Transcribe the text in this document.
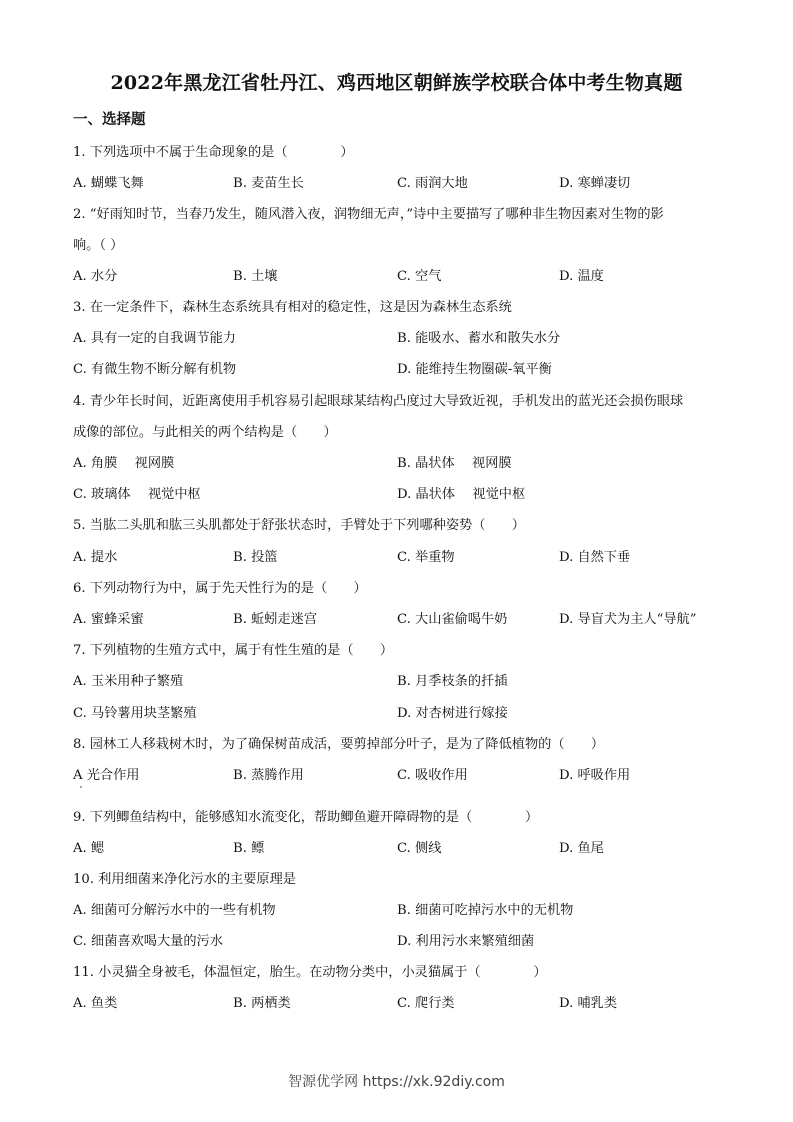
2022年黑龙江省牡丹江、鸡西地区朝鲜族学校联合体中考生物真题
一、选择题
1. 下列选项中不属于生命现象的是（　　　　）
A. 蝴蝶飞舞	B. 麦苗生长	C. 雨润大地	D. 寒蝉凄切
2. “好雨知时节，当春乃发生，随风潜入夜，润物细无声，”诗中主要描写了哪种非生物因素对生物的影
响。（ ）
A. 水分	B. 土壤	C. 空气	D. 温度
3. 在一定条件下，森林生态系统具有相对的稳定性，这是因为森林生态系统
A. 具有一定的自我调节能力	B. 能吸水、蓄水和散失水分
C. 有微生物不断分解有机物	D. 能维持生物圈碳-氧平衡
4. 青少年长时间，近距离使用手机容易引起眼球某结构凸度过大导致近视，手机发出的蓝光还会损伤眼球
成像的部位。与此相关的两个结构是（　　）
A. 角膜　 视网膜	B. 晶状体　 视网膜
C. 玻璃体　 视觉中枢	D. 晶状体　 视觉中枢
5. 当肱二头肌和肱三头肌都处于舒张状态时，手臂处于下列哪种姿势（　　）
A. 提水	B. 投篮	C. 举重物	D. 自然下垂
6. 下列动物行为中，属于先天性行为的是（　　）
A. 蜜蜂采蜜	B. 蚯蚓走迷宫	C. 大山雀偷喝牛奶	D. 导盲犬为主人“导航”
7. 下列植物的生殖方式中，属于有性生殖的是（　　）
A. 玉米用种子繁殖	B. 月季枝条的扦插
C. 马铃薯用块茎繁殖	D. 对杏树进行嫁接
8. 园林工人移栽树木时，为了确保树苗成活，要剪掉部分叶子，是为了降低植物的（　　）
A 光合作用	B. 蒸腾作用	C. 吸收作用	D. 呼吸作用
9. 下列鲫鱼结构中，能够感知水流变化，帮助鲫鱼避开障碍物的是（　　　　）
A. 鳃	B. 鳔	C. 侧线	D. 鱼尾
10. 利用细菌来净化污水的主要原理是
A. 细菌可分解污水中的一些有机物	B. 细菌可吃掉污水中的无机物
C. 细菌喜欢喝大量的污水	D. 利用污水来繁殖细菌
11. 小灵猫全身被毛，体温恒定，胎生。在动物分类中，小灵猫属于（　　　　）
A. 鱼类	B. 两栖类	C. 爬行类	D. 哺乳类
智源优学网 https://xk.92diy.com
